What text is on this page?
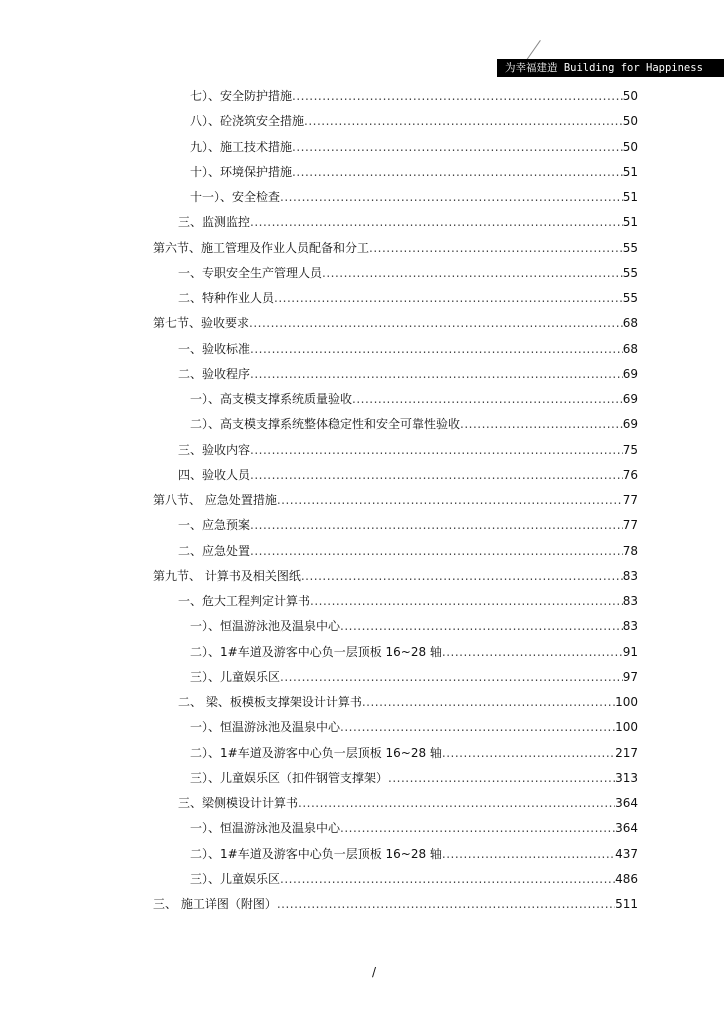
为幸福建造 Building for Happiness
七）、安全防护措施 .....	50
八）、砼浇筑安全措施 .....	50
九）、施工技术措施 .....	50
十）、环境保护措施 .....	51
十一）、安全检查 .....	51
三、监测监控 .....	51
第六节、施工管理及作业人员配备和分工 .....	55
一、专职安全生产管理人员 .....	55
二、特种作业人员 .....	55
第七节、验收要求 .....	68
一、验收标准 .....	68
二、验收程序 .....	69
一）、高支模支撑系统质量验收 .....	69
二）、高支模支撑系统整体稳定性和安全可靠性验收 .....	69
三、验收内容 .....	75
四、验收人员 .....	76
第八节、 应急处置措施 .....	77
一、应急预案 .....	77
二、应急处置 .....	78
第九节、 计算书及相关图纸 .....	83
一、危大工程判定计算书 .....	83
一）、恒温游泳池及温泉中心 .....	83
二）、1#车道及游客中心负一层顶板 16~28 轴 .....	91
三）、儿童娱乐区 .....	97
二、 梁、板模板支撑架设计计算书 .....	100
一）、恒温游泳池及温泉中心 .....	100
二）、1#车道及游客中心负一层顶板 16~28 轴 .....	217
三）、儿童娱乐区（扣件钢管支撑架） .....	313
三、梁侧模设计计算书 .....	364
一）、恒温游泳池及温泉中心 .....	364
二）、1#车道及游客中心负一层顶板 16~28 轴 .....	437
三）、儿童娱乐区 .....	486
三、 施工详图（附图） .....	511
/
